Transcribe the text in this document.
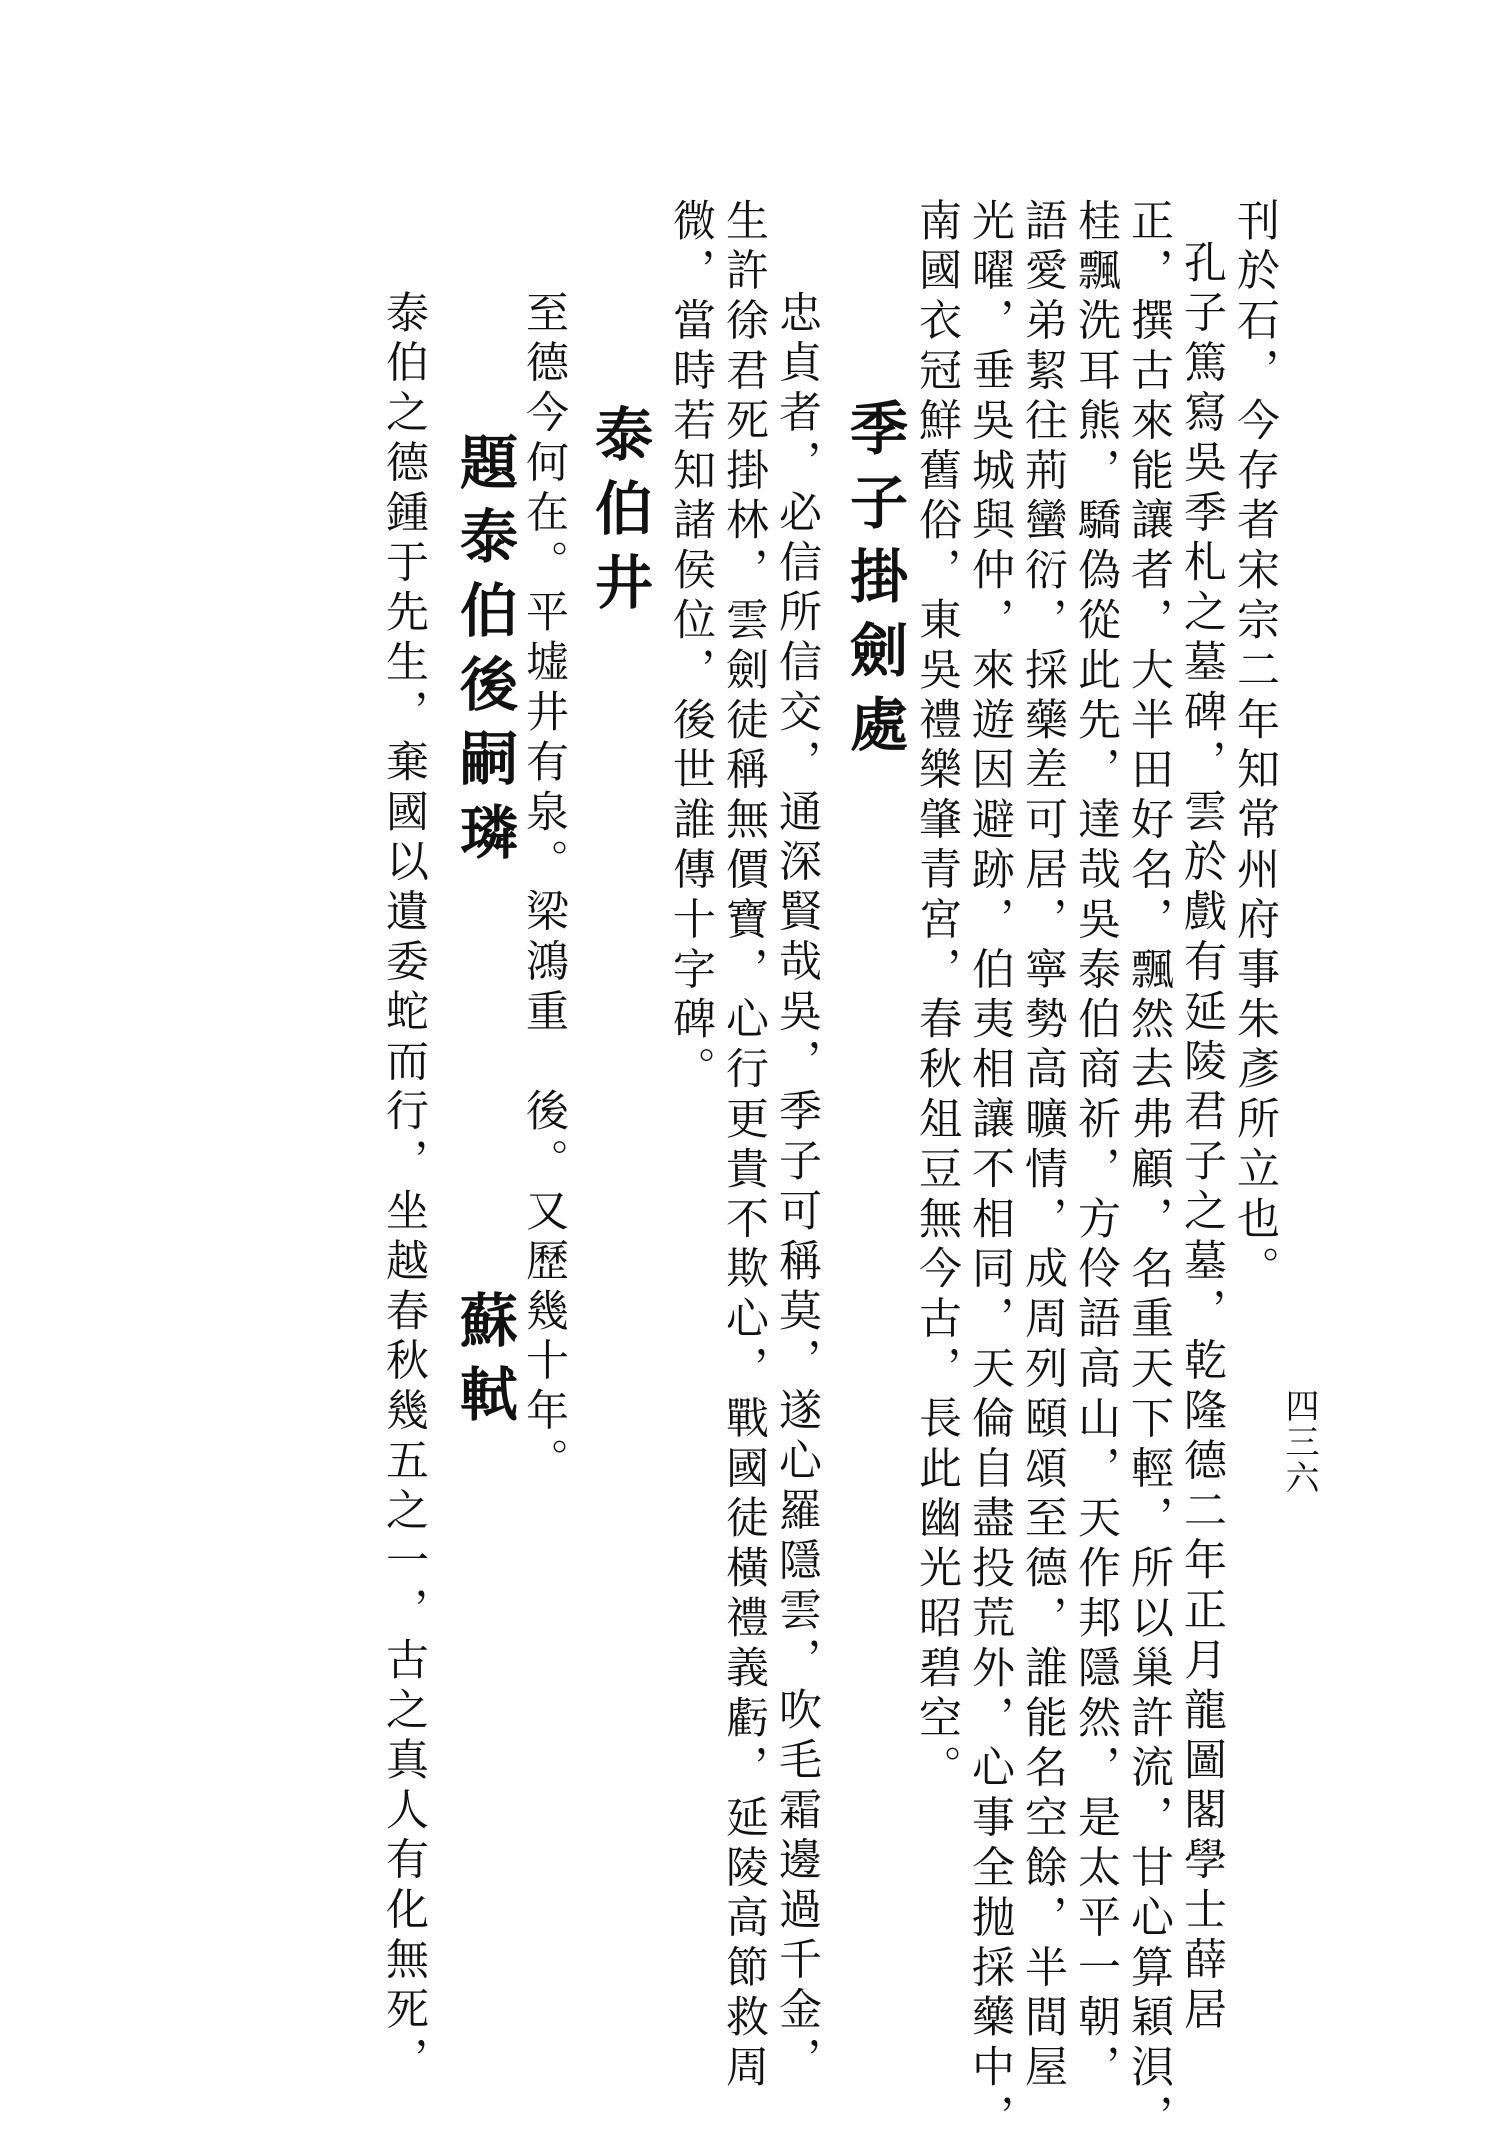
四三六
刊於石，今存者宋宗二年知常州府事朱彥所立也。
孔子篤寫吳季札之墓碑，雲於戲有延陵君子之墓，乾隆德二年正月龍圖閣學士薛居
正，撰古來能讓者，大半田好名，飄然去弗顧，名重天下輕，所以巢許流，甘心算穎浿，
桂飄洗耳熊，驕偽從此先，達哉吳泰伯商祈，方伶語高山，天作邦隱然，是太平一朝，
語愛弟絜往荊蠻衍，採藥差可居，寧勢高曠情，成周列頤頌至德，誰能名空餘，半間屋
光曜，垂吳城與仲，來遊因避跡，伯夷相讓不相同，天倫自盡投荒外，心事全抛採藥中，
南國衣冠鮮舊俗，東吳禮樂肇青宮，春秋俎豆無今古，長此幽光昭碧空。
季子掛劍處
忠貞者，必信所信交，通深賢哉吳，季子可稱莫，遂心羅隱雲，吹毛霜邊過千金，
生許徐君死掛林，雲劍徒稱無價寶，心行更貴不欺心，戰國徒橫禮義虧，延陵高節救周
微，當時若知諸侯位，後世誰傳十字碑。
泰伯井
至德今何在。平墟井有泉。梁鴻重　後。又歷幾十年。
題泰伯後嗣璘
蘇軾
泰伯之德鍾于先生，棄國以遺委蛇而行，坐越春秋幾五之一，古之真人有化無死，
